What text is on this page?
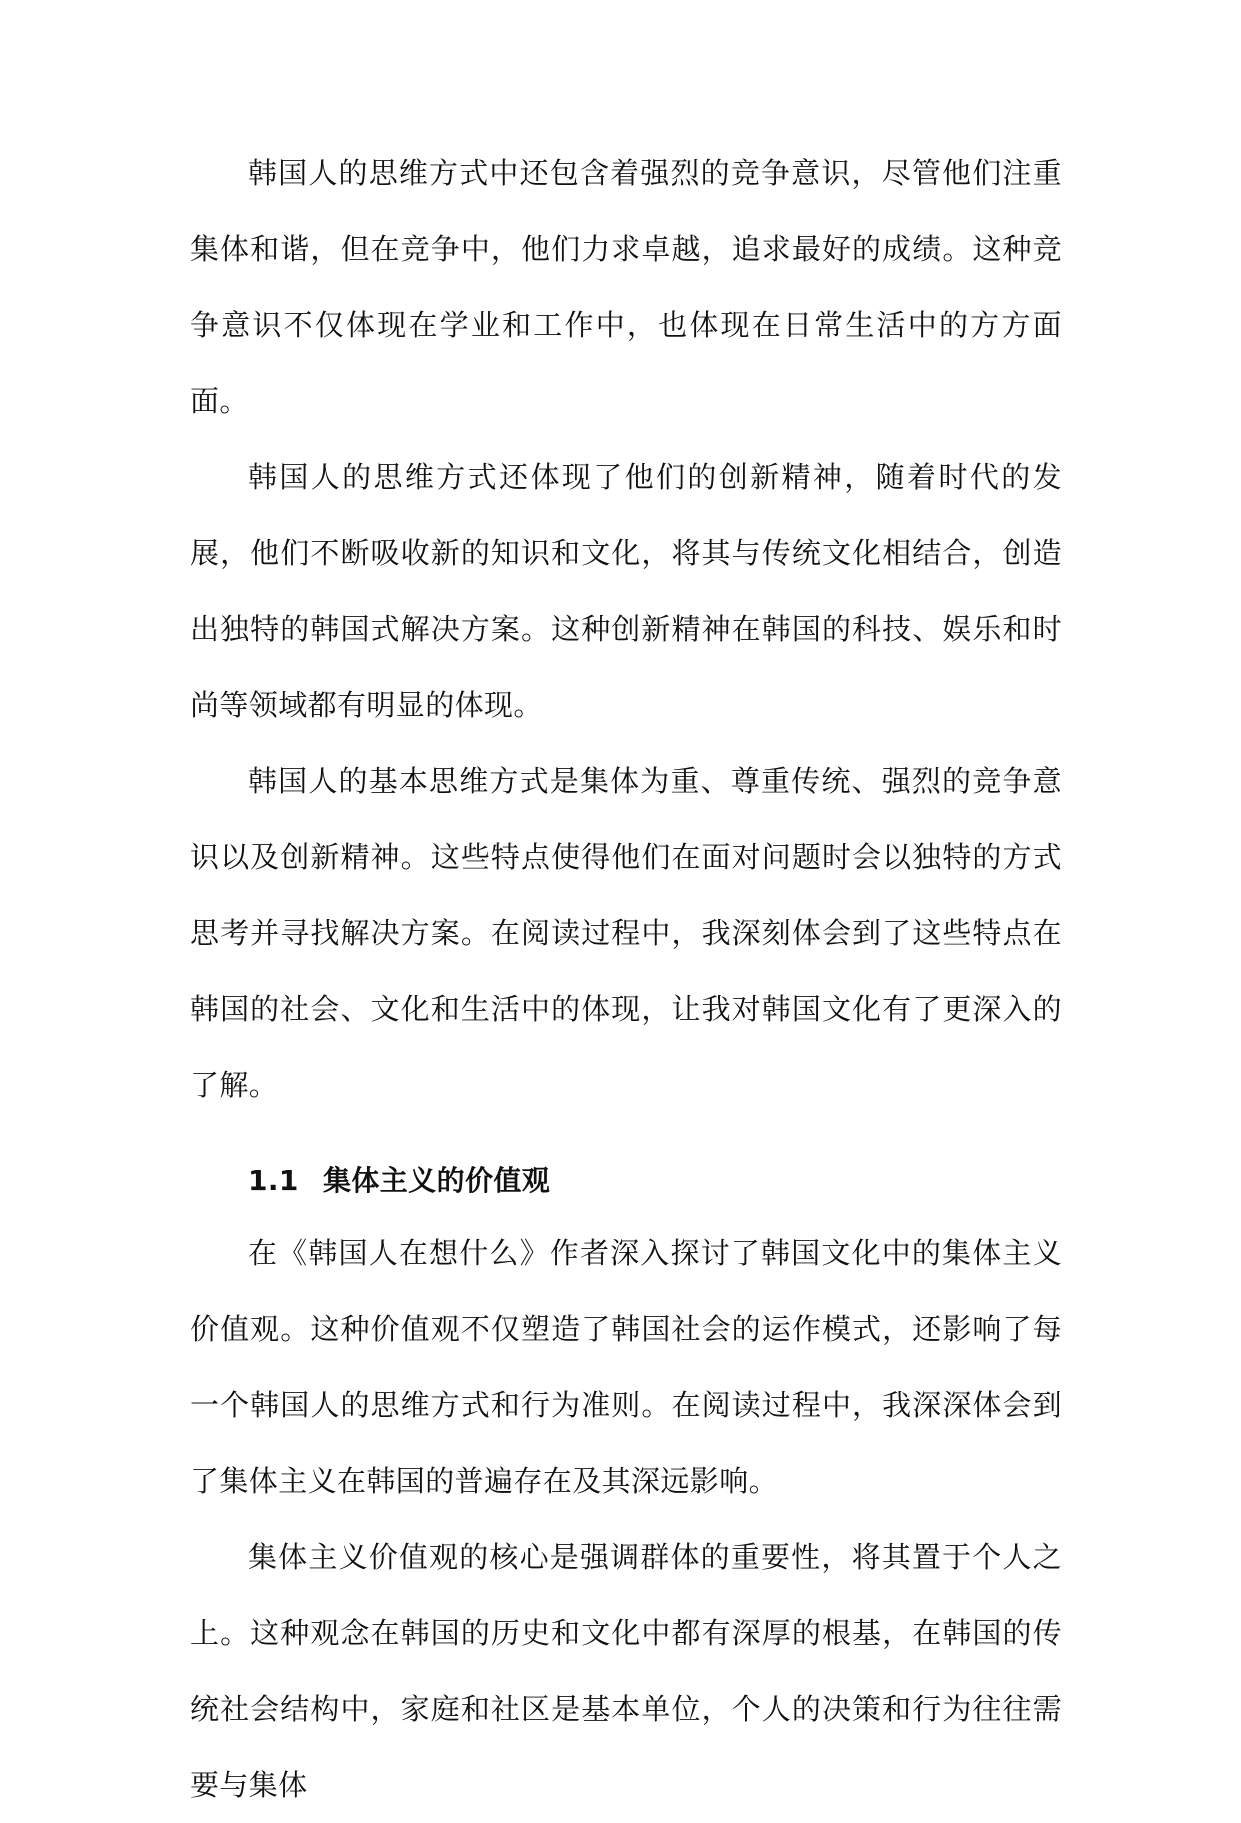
韩国人的思维方式中还包含着强烈的竞争意识，尽管他们注重集体和谐，但在竞争中，他们力求卓越，追求最好的成绩。这种竞争意识不仅体现在学业和工作中，也体现在日常生活中的方方面面。

韩国人的思维方式还体现了他们的创新精神，随着时代的发展，他们不断吸收新的知识和文化，将其与传统文化相结合，创造出独特的韩国式解决方案。这种创新精神在韩国的科技、娱乐和时尚等领域都有明显的体现。

韩国人的基本思维方式是集体为重、尊重传统、强烈的竞争意识以及创新精神。这些特点使得他们在面对问题时会以独特的方式思考并寻找解决方案。在阅读过程中，我深刻体会到了这些特点在韩国的社会、文化和生活中的体现，让我对韩国文化有了更深入的了解。

1.1 集体主义的价值观

在《韩国人在想什么》作者深入探讨了韩国文化中的集体主义价值观。这种价值观不仅塑造了韩国社会的运作模式，还影响了每一个韩国人的思维方式和行为准则。在阅读过程中，我深深体会到了集体主义在韩国的普遍存在及其深远影响。

集体主义价值观的核心是强调群体的重要性，将其置于个人之上。这种观念在韩国的历史和文化中都有深厚的根基，在韩国的传统社会结构中，家庭和社区是基本单位，个人的决策和行为往往需要与集体
